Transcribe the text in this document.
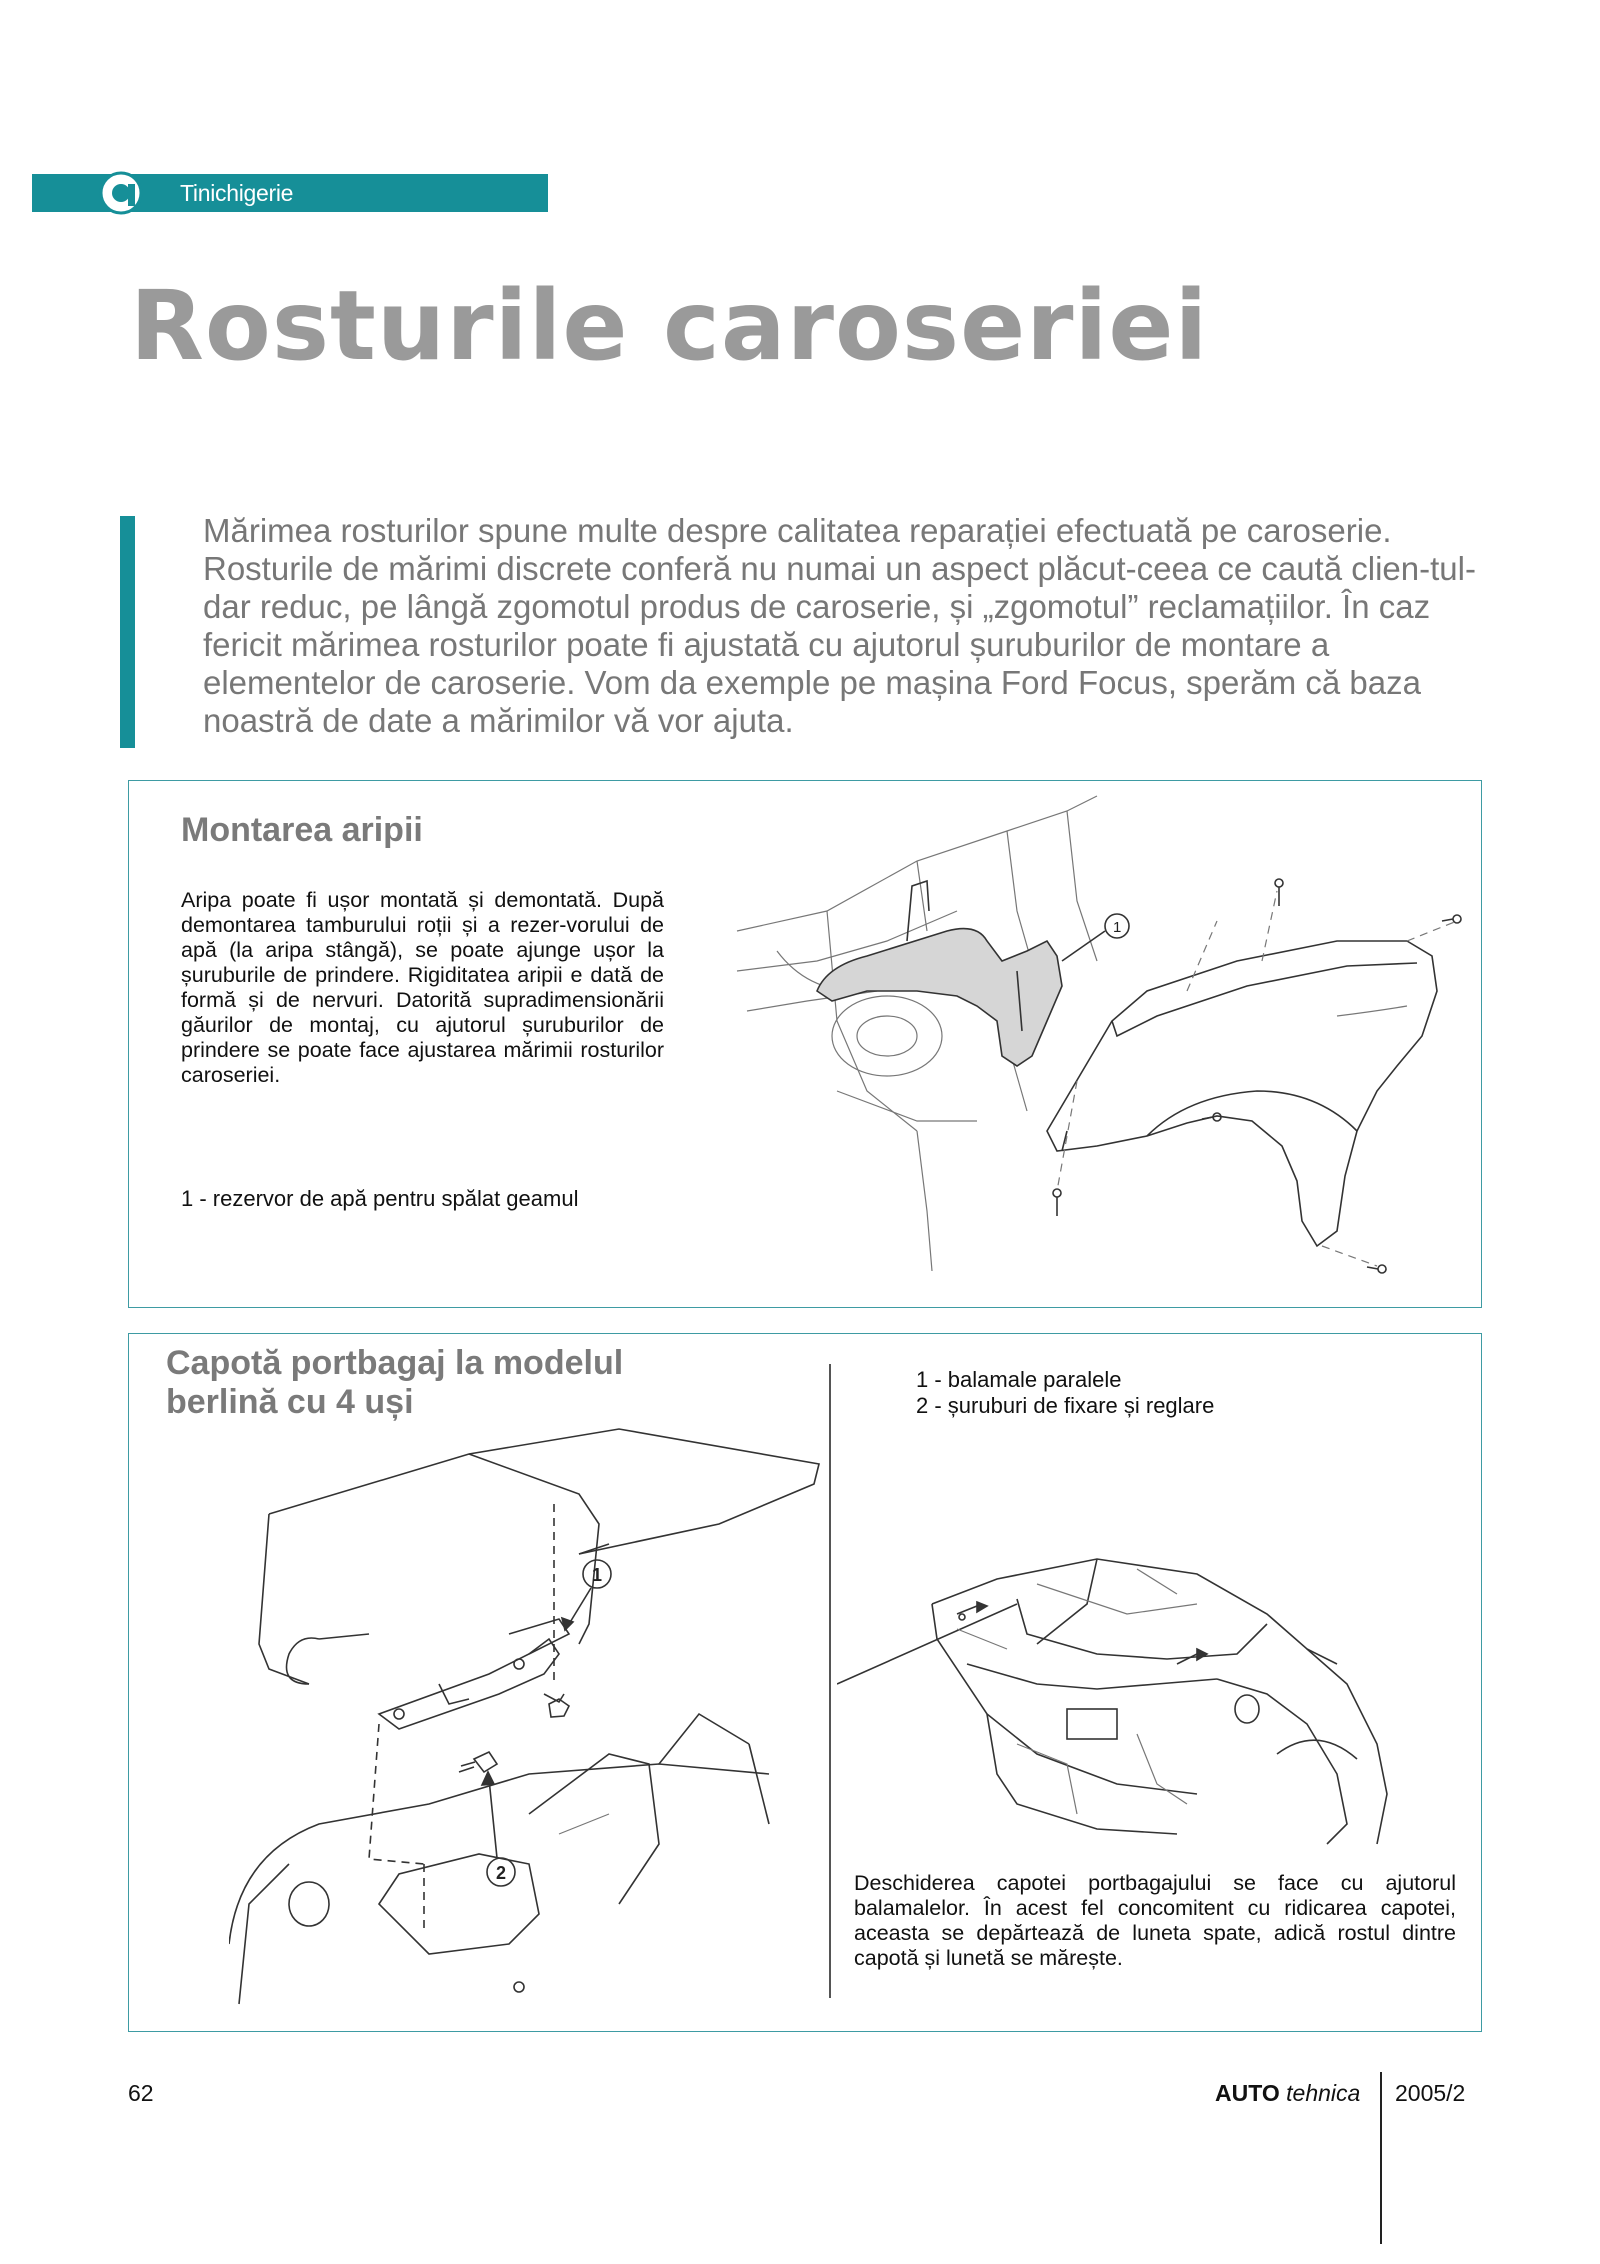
Tinichigerie
Rosturile caroseriei

Mărimea rosturilor spune multe despre calitatea reparației efectuată pe caroserie. Rosturile de mărimi discrete conferă nu numai un aspect plăcut-ceea ce caută clien-tul-dar reduc, pe lângă zgomotul produs de caroserie, și „zgomotul” reclamațiilor. În caz fericit mărimea rosturilor poate fi ajustată cu ajutorul șuruburilor de montare a elementelor de caroserie. Vom da exemple pe mașina Ford Focus, sperăm că baza noastră de date a mărimilor vă vor ajuta.

Montarea aripii

Aripa poate fi ușor montată și demontată. După demontarea tamburului roții și a rezer-vorului de apă (la aripa stângă), se poate ajunge ușor la șuruburile de prindere. Rigiditatea aripii e dată de formă și de nervuri. Datorită supradimensionării găurilor de montaj, cu ajutorul șuruburilor de prindere se poate face ajustarea mărimii rosturilor caroseriei.

1 - rezervor de apă pentru spălat geamul

1
Capotă portbagaj la modelul berlină cu 4 uși
1 - balamale paralele
2 - șuruburi de fixare și reglare

Deschiderea capotei portbagajului se face cu ajutorul balamalelor. În acest fel concomitent cu ridicarea capotei, aceasta se depărtează de luneta spate, adică rostul dintre capotă și lunetă se mărește.

1
2
62	AUTO tehnica 2005/2
